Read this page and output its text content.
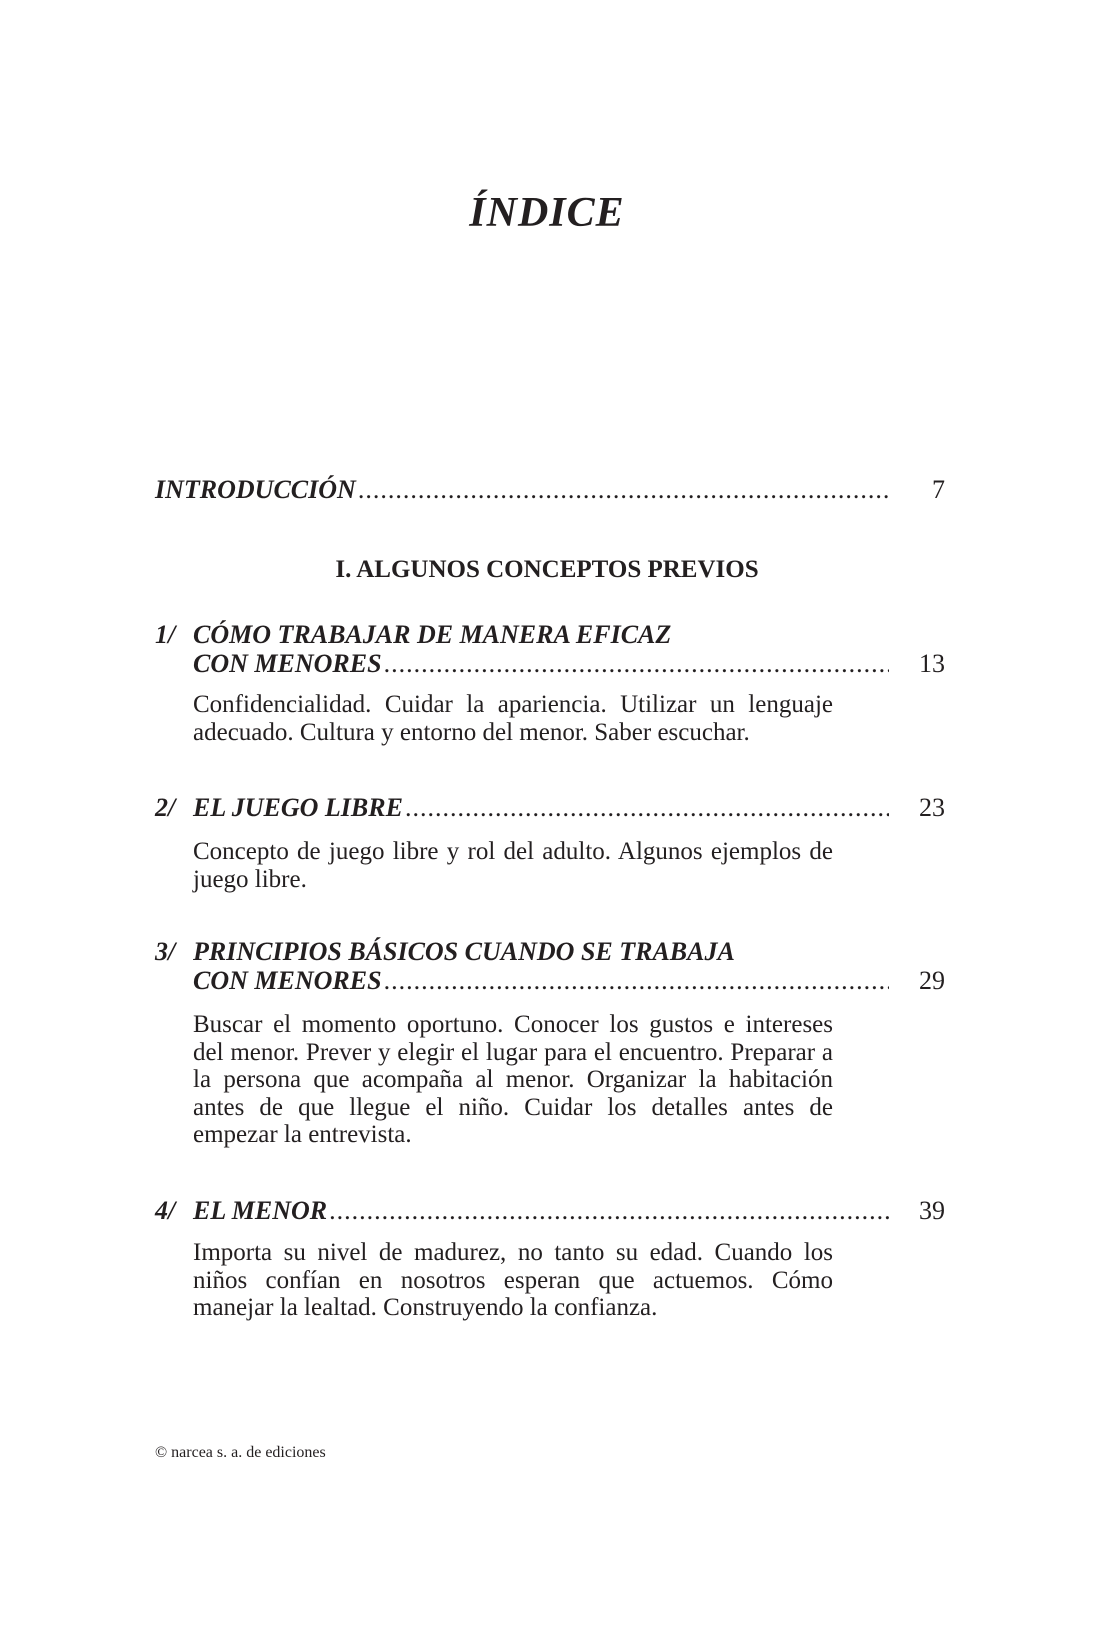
ÍNDICE
INTRODUCCIÓN .....	7
I. ALGUNOS CONCEPTOS PREVIOS
1/ CÓMO TRABAJAR DE MANERA EFICAZ
CON MENORES .....	13
Confidencialidad. Cuidar la apariencia. Utilizar un lenguaje adecuado. Cultura y entorno del menor. Saber escuchar.
2/ EL JUEGO LIBRE .....	23
Concepto de juego libre y rol del adulto. Algunos ejemplos de juego libre.
3/ PRINCIPIOS BÁSICOS CUANDO SE TRABAJA
CON MENORES .....	29
Buscar el momento oportuno. Conocer los gustos e intereses del menor. Prever y elegir el lugar para el encuentro. Preparar a la persona que acompaña al menor. Organizar la habitación antes de que llegue el niño. Cuidar los detalles antes de empezar la entrevista.
4/ EL MENOR .....	39
Importa su nivel de madurez, no tanto su edad. Cuando los niños confían en nosotros esperan que actuemos. Cómo manejar la lealtad. Construyendo la confianza.
© narcea s. a. de ediciones
